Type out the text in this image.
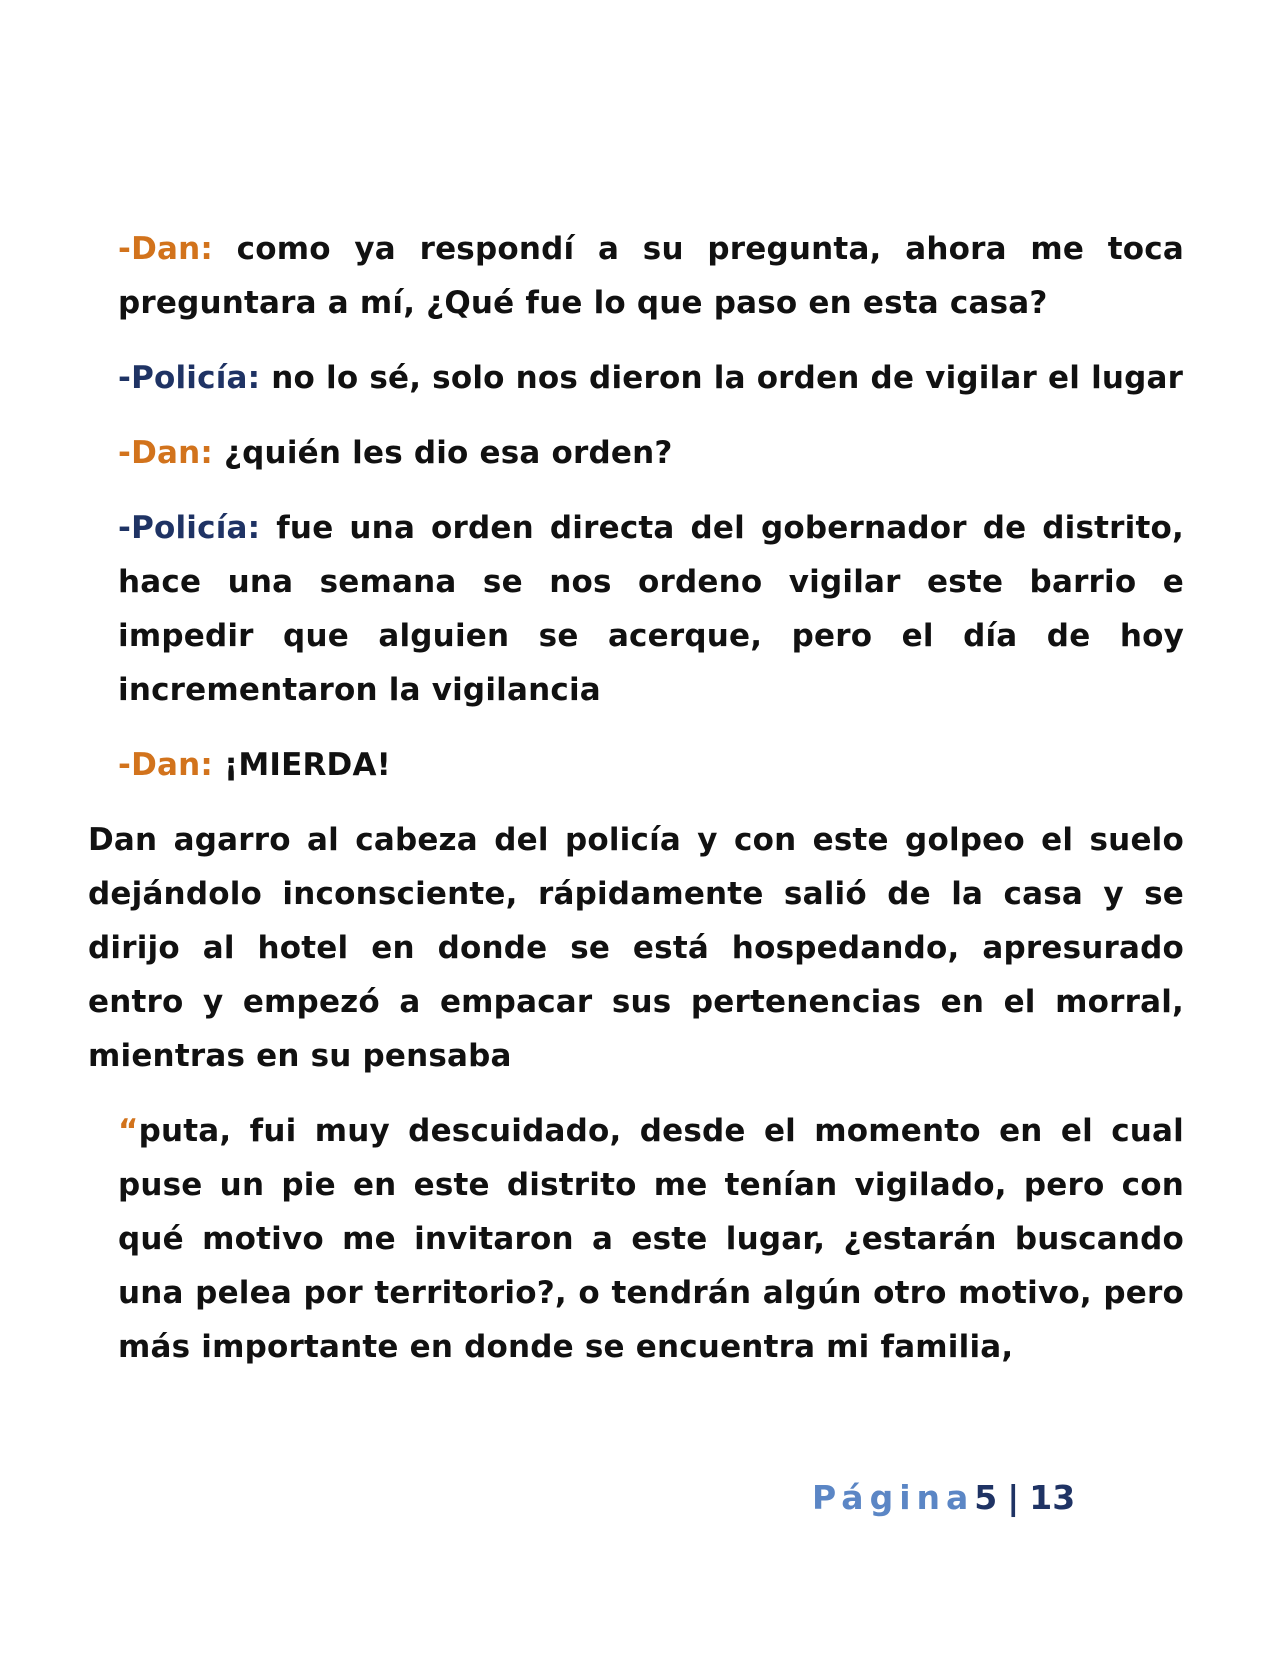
-Dan: como ya respondí a su pregunta, ahora me toca preguntara a mí, ¿Qué fue lo que paso en esta casa?

-Policía: no lo sé, solo nos dieron la orden de vigilar el lugar

-Dan: ¿quién les dio esa orden?

-Policía: fue una orden directa del gobernador de distrito, hace una semana se nos ordeno vigilar este barrio e impedir que alguien se acerque, pero el día de hoy incrementaron la vigilancia

-Dan: ¡MIERDA!

Dan agarro al cabeza del policía y con este golpeo el suelo dejándolo inconsciente, rápidamente salió de la casa y se dirijo al hotel en donde se está hospedando, apresurado entro y empezó a empacar sus pertenencias en el morral, mientras en su pensaba

“puta, fui muy descuidado, desde el momento en el cual puse un pie en este distrito me tenían vigilado, pero con qué motivo me invitaron a este lugar, ¿estarán buscando una pelea por territorio?, o tendrán algún otro motivo, pero más importante en donde se encuentra mi familia,

Página5 | 13
